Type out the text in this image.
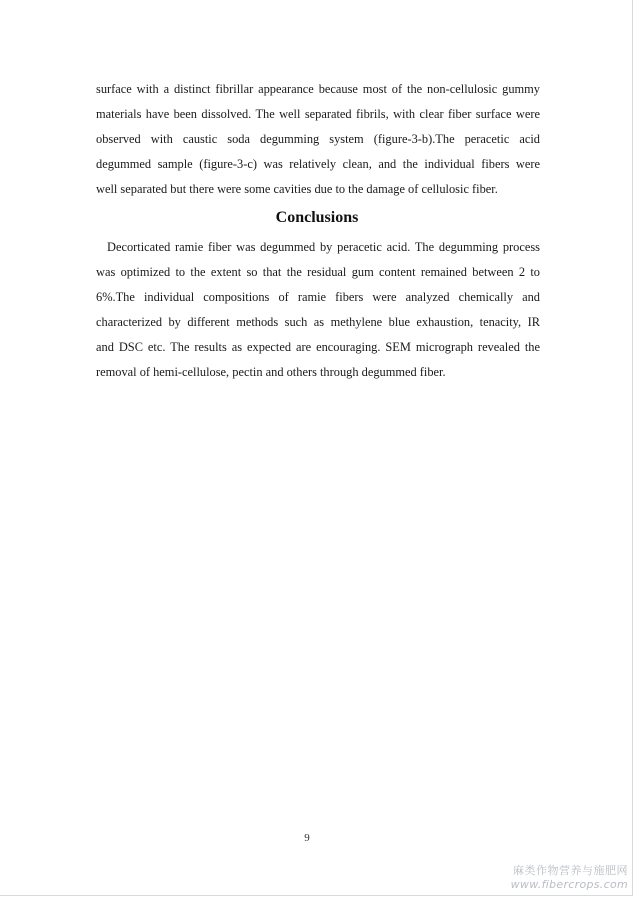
surface with a distinct fibrillar appearance because most of the non-cellulosic gummy
materials have been dissolved. The well separated fibrils, with clear fiber surface were
observed with caustic soda degumming system (figure-3-b).The peracetic acid
degummed sample (figure-3-c) was relatively clean, and the individual fibers were
well separated but there were some cavities due to the damage of cellulosic fiber.
Conclusions
Decorticated ramie fiber was degummed by peracetic acid. The degumming process
was optimized to the extent so that the residual gum content remained between 2 to
6%.The individual compositions of ramie fibers were analyzed chemically and
characterized by different methods such as methylene blue exhaustion, tenacity, IR
and DSC etc. The results as expected are encouraging. SEM micrograph revealed the
removal of hemi-cellulose, pectin and others through degummed fiber.
9
麻类作物营养与施肥网
www.fibercrops.com
